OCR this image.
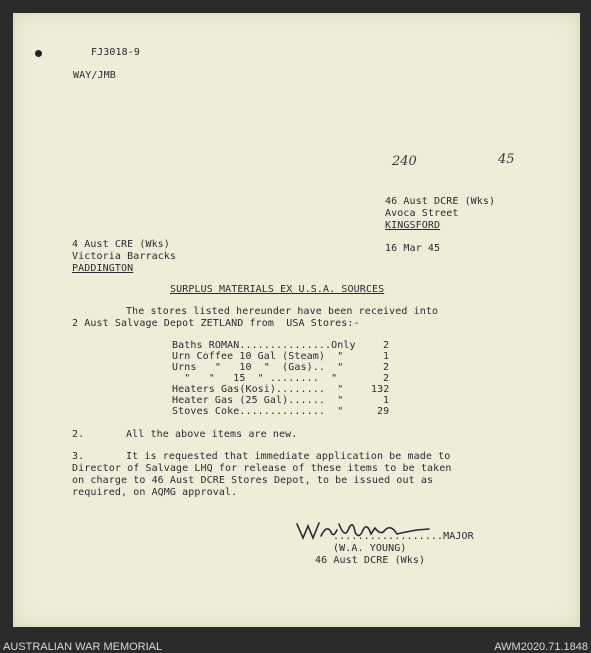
FJ3018-9
WAY/JMB
240	45
46 Aust DCRE (Wks)
Avoca Street
KINGSFORD
16 Mar 45
4 Aust CRE (Wks)
Victoria Barracks
PADDINGTON
SURPLUS MATERIALS EX U.S.A. SOURCES
The stores listed hereunder have been received into
2 Aust Salvage Depot ZETLAND from  USA Stores:-
Baths ROMAN...............Only	2
Urn Coffee 10 Gal (Steam)  "	1
Urns   "   10  "  (Gas)..  "	2
"   "   15  " ........  "	2
Heaters Gas(Kosi)........  "	132
Heater Gas (25 Gal)......  "	1
Stoves Coke..............  "	29
2.	All the above items are new.
3.	It is requested that immediate application be made to
Director of Salvage LHQ for release of these items to be taken
on charge to 46 Aust DCRE Stores Depot, to be issued out as
required, on AQMG approval.
..................MAJOR
(W.A. YOUNG)
46 Aust DCRE (Wks)
AUSTRALIAN WAR MEMORIAL	AWM2020.71.1848
